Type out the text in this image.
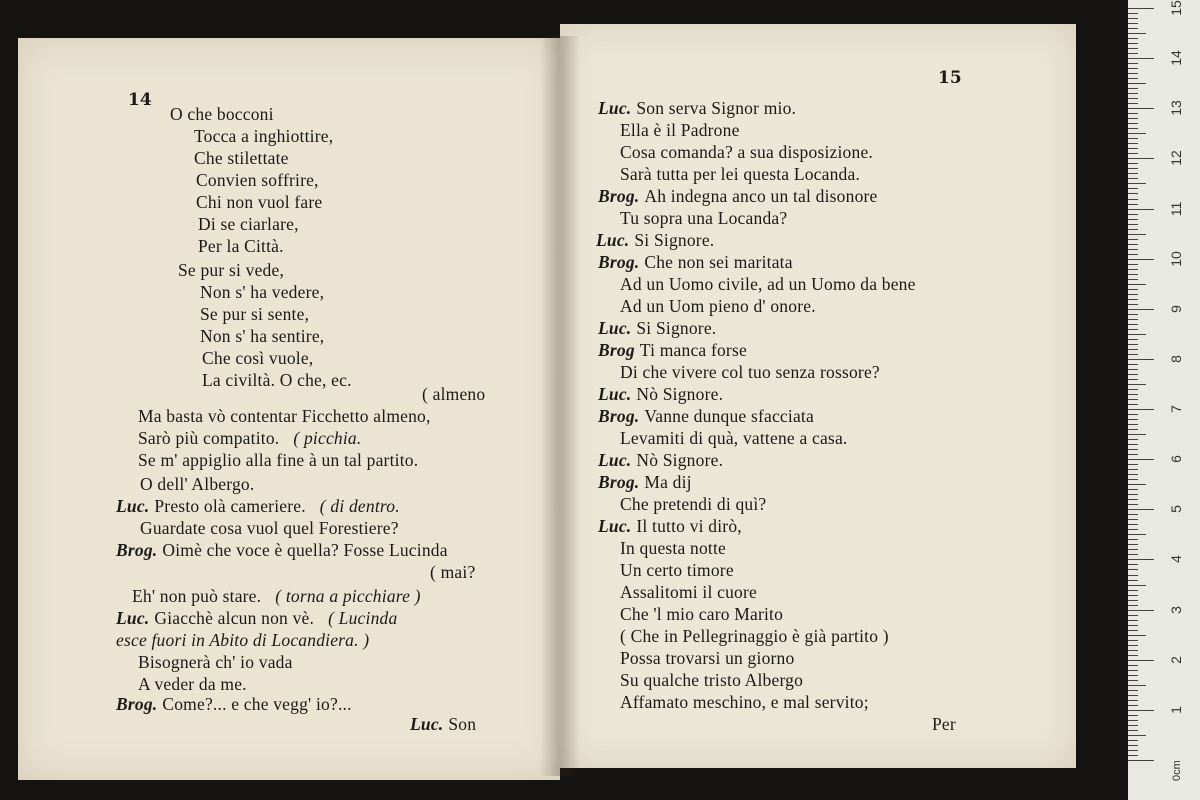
14
O che bocconi
Tocca a inghiottire,
Che stilettate
Convien soffrire,
Chi non vuol fare
Di se ciarlare,
Per la Città.
Se pur si vede,
Non s' ha vedere,
Se pur si sente,
Non s' ha sentire,
Che così vuole,
La civiltà. O che, ec.
( almeno
Ma basta vò contentar Ficchetto almeno,
Sarò più compatito. ( picchia.
Se m' appiglio alla fine à un tal partito.
O dell' Albergo.
Luc. Presto olà cameriere. ( di dentro.
Guardate cosa vuol quel Forestiere?
Brog. Oimè che voce è quella? Fosse Lucinda
( mai?
Eh' non può stare. ( torna a picchiare )
Luc. Giacchè alcun non vè. ( Lucinda
esce fuori in Abito di Locandiera. )
Bisognerà ch' io vada
A veder da me.
Brog. Come?... e che vegg' io?...
Luc. Son
15
Luc. Son serva Signor mio.
Ella è il Padrone
Cosa comanda? a sua disposizione.
Sarà tutta per lei questa Locanda.
Brog. Ah indegna anco un tal disonore
Tu sopra una Locanda?
Luc. Si Signore.
Brog. Che non sei maritata
Ad un Uomo civile, ad un Uomo da bene
Ad un Uom pieno d' onore.
Luc. Si Signore.
Brog Ti manca forse
Di che vivere col tuo senza rossore?
Luc. Nò Signore.
Brog. Vanne dunque sfacciata
Levamiti di quà, vattene a casa.
Luc. Nò Signore.
Brog. Ma dij
Che pretendi di quì?
Luc. Il tutto vi dirò,
In questa notte
Un certo timore
Assalitomi il cuore
Che 'l mio caro Marito
( Che in Pellegrinaggio è già partito )
Possa trovarsi un giorno
Su qualche tristo Albergo
Affamato meschino, e mal servito;
Per
0cm
15
14
13
12
11
10
9
8
7
6
5
4
3
2
1
